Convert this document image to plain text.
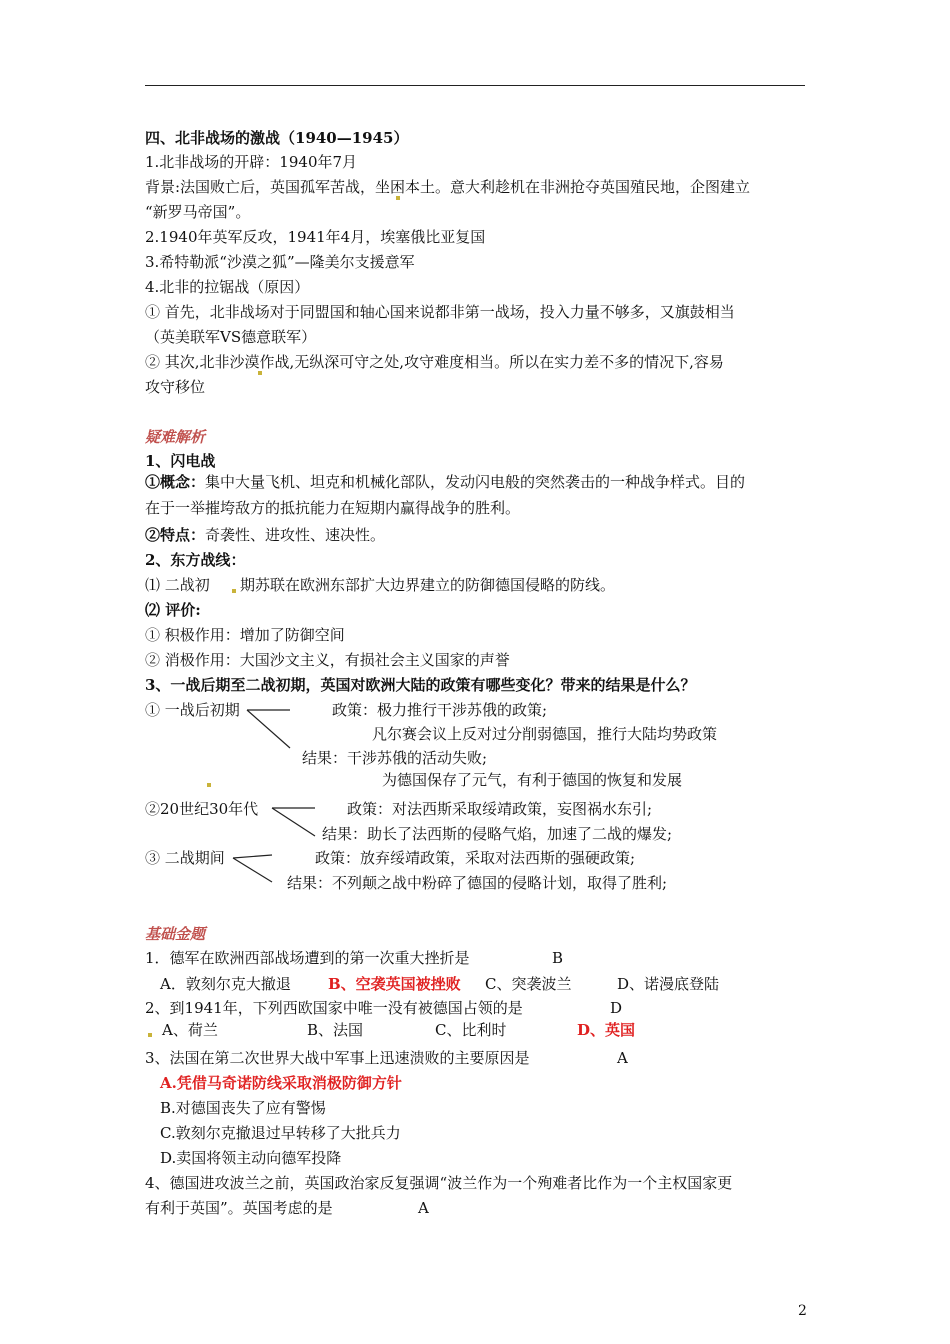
四、北非战场的激战（1940—1945）
1.北非战场的开辟：1940年7月
背景:法国败亡后，英国孤军苦战，坐困本土。意大利趁机在非洲抢夺英国殖民地，企图建立
“新罗马帝国”。
2.1940年英军反攻，1941年4月，埃塞俄比亚复国
3.希特勒派“沙漠之狐”—隆美尔支援意军
4.北非的拉锯战（原因）
① 首先，北非战场对于同盟国和轴心国来说都非第一战场，投入力量不够多，又旗鼓相当
（英美联军VS德意联军）
② 其次,北非沙漠作战,无纵深可守之处,攻守难度相当。所以在实力差不多的情况下,容易
攻守移位
疑难解析
1、闪电战
①概念：集中大量飞机、坦克和机械化部队，发动闪电般的突然袭击的一种战争样式。目的
在于一举摧垮敌方的抵抗能力在短期内赢得战争的胜利。
②特点：奇袭性、进攻性、速决性。
2、东方战线：
⑴ 二战初 期苏联在欧洲东部扩大边界建立的防御德国侵略的防线。
⑵ 评价:
① 积极作用：增加了防御空间
② 消极作用：大国沙文主义，有损社会主义国家的声誉
3、一战后期至二战初期，英国对欧洲大陆的政策有哪些变化？带来的结果是什么？
① 一战后初期	政策：极力推行干涉苏俄的政策;
凡尔赛会议上反对过分削弱德国，推行大陆均势政策
结果：干涉苏俄的活动失败;
为德国保存了元气，有利于德国的恢复和发展
②20世纪30年代	政策：对法西斯采取绥靖政策，妄图祸水东引;
结果：助长了法西斯的侵略气焰，加速了二战的爆发;
③ 二战期间	政策：放弃绥靖政策，采取对法西斯的强硬政策;
结果：不列颠之战中粉碎了德国的侵略计划，取得了胜利;
基础金题
1．德军在欧洲西部战场遭到的第一次重大挫折是	B
A．敦刻尔克大撤退 B、空袭英国被挫败 C、突袭波兰	D、诺漫底登陆
2、到1941年，下列西欧国家中唯一没有被德国占领的是	D
A、荷兰	B、法国	C、比利时	D、英国
3、法国在第二次世界大战中军事上迅速溃败的主要原因是	A
A.凭借马奇诺防线采取消极防御方针
B.对德国丧失了应有警惕
C.敦刻尔克撤退过早转移了大批兵力
D.卖国将领主动向德军投降
4、德国进攻波兰之前，英国政治家反复强调“波兰作为一个殉难者比作为一个主权国家更
有利于英国”。英国考虑的是	A
2
